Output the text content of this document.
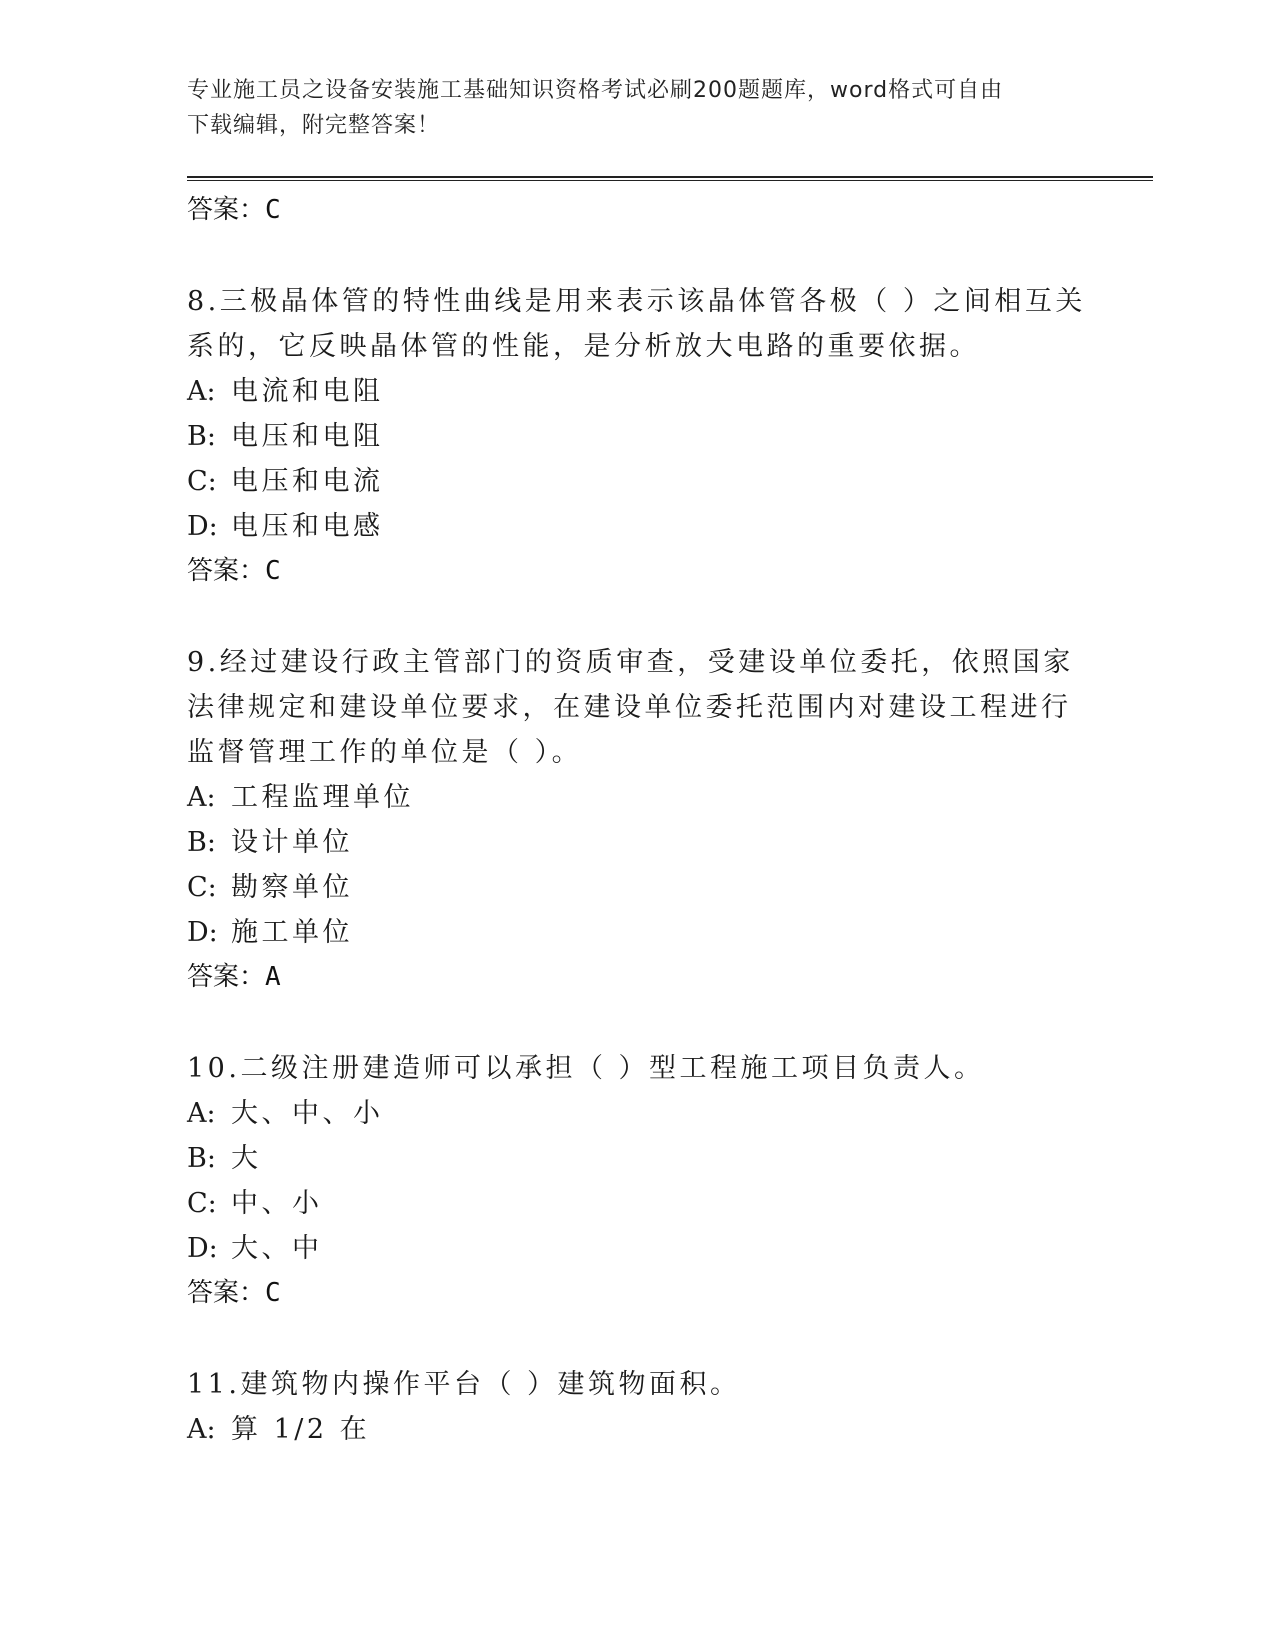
专业施工员之设备安装施工基础知识资格考试必刷200题题库，word格式可自由
下载编辑，附完整答案！
答案：C
8.三极晶体管的特性曲线是用来表示该晶体管各极（ ）之间相互关系的，它反映晶体管的性能，是分析放大电路的重要依据。
A: 电流和电阻
B: 电压和电阻
C: 电压和电流
D: 电压和电感
答案：C
9.经过建设行政主管部门的资质审查，受建设单位委托，依照国家法律规定和建设单位要求，在建设单位委托范围内对建设工程进行监督管理工作的单位是（ ）。
A: 工程监理单位
B: 设计单位
C: 勘察单位
D: 施工单位
答案：A
10.二级注册建造师可以承担（ ）型工程施工项目负责人。
A: 大、中、小
B: 大
C: 中、小
D: 大、中
答案：C
11.建筑物内操作平台（ ）建筑物面积。
A: 算 1/2 在
